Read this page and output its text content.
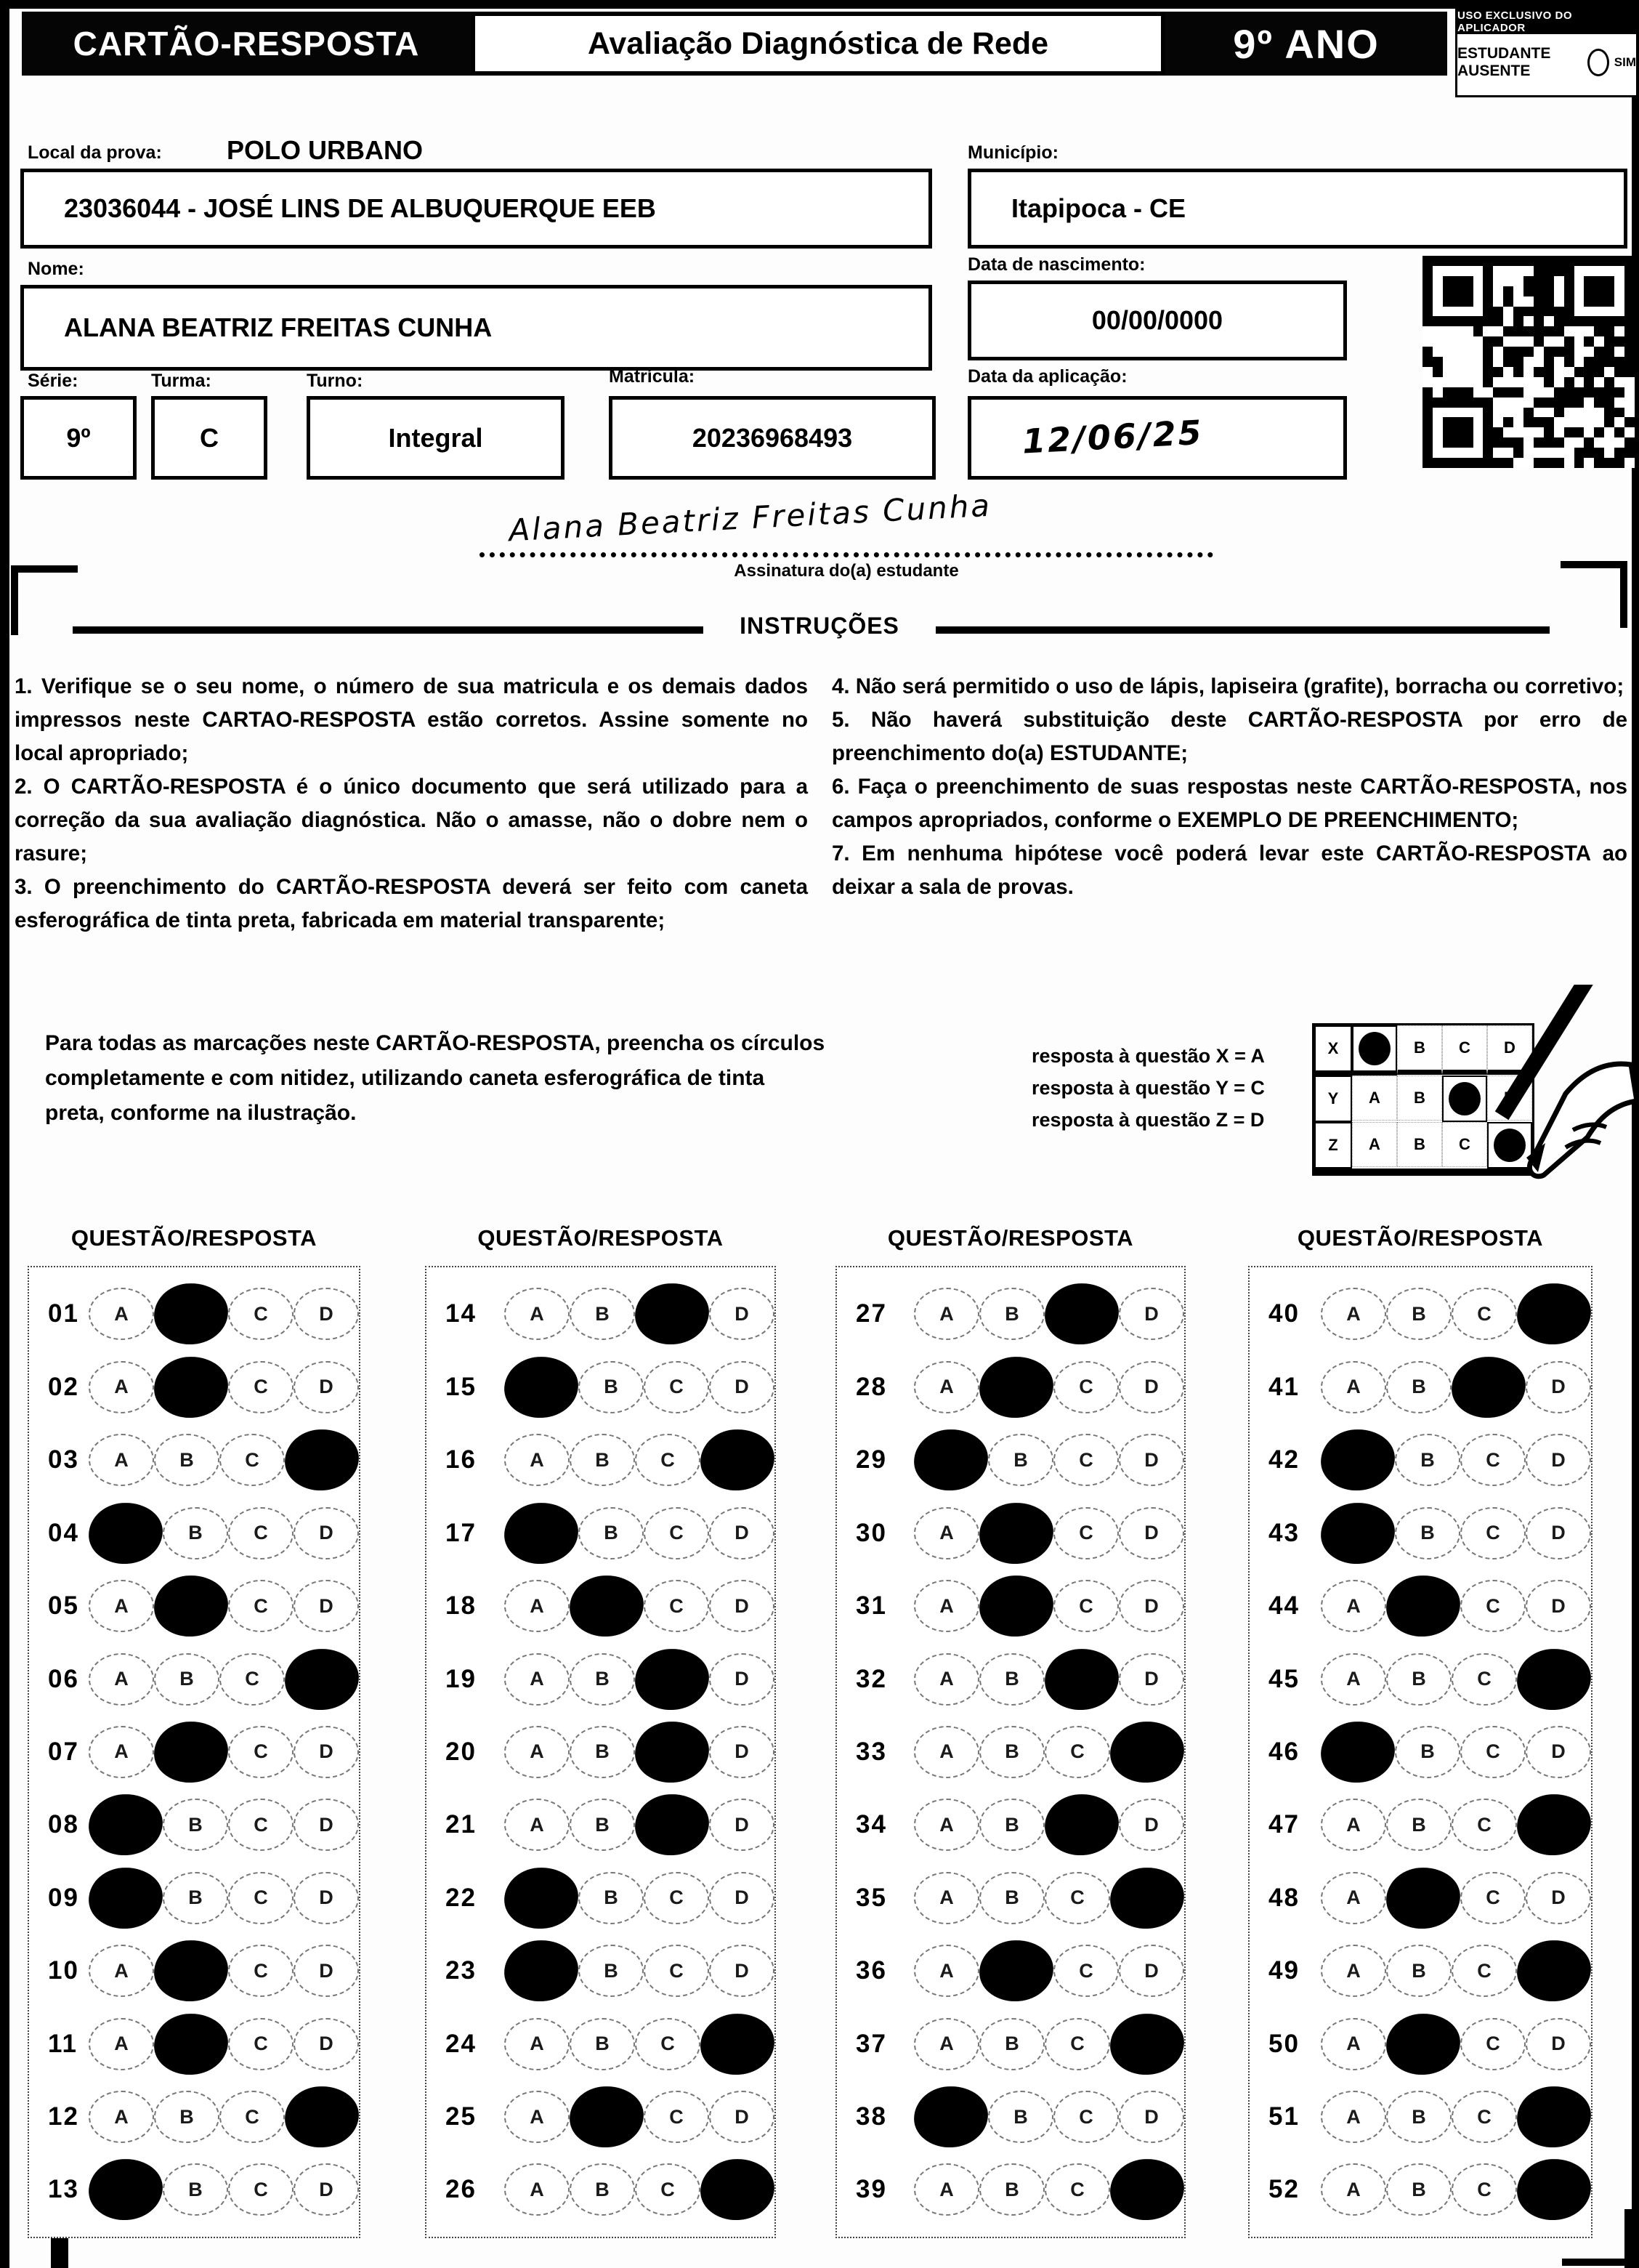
CARTÃO-RESPOSTA	Avaliação Diagnóstica de Rede	9º ANO
USO EXCLUSIVO DO APLICADOR
ESTUDANTE AUSENTE
SIM
Local da prova: POLO URBANO	Município:
23036044 - JOSÉ LINS DE ALBUQUERQUE EEB	Itapipoca - CE
Nome:	Data de nascimento:
ALANA BEATRIZ FREITAS CUNHA	00/00/0000
Série:	Turma:	Turno:	Matrícula:	Data da aplicação:
9º	C	Integral	20236968493	12/06/25
Alana Beatriz Freitas Cunha
Assinatura do(a) estudante
INSTRUÇÕES
1. Verifique se o seu nome, o número de sua matricula e os demais dados impressos neste CARTAO-RESPOSTA estão corretos. Assine somente no local apropriado;
2. O CARTÃO-RESPOSTA é o único documento que será utilizado para a correção da sua avaliação diagnóstica. Não o amasse, não o dobre nem o rasure;
3. O preenchimento do CARTÃO-RESPOSTA deverá ser feito com caneta esferográfica de tinta preta, fabricada em material transparente;
4. Não será permitido o uso de lápis, lapiseira (grafite), borracha ou corretivo;
5. Não haverá substituição deste CARTÃO-RESPOSTA por erro de preenchimento do(a) ESTUDANTE;
6. Faça o preenchimento de suas respostas neste CARTÃO-RESPOSTA, nos campos apropriados, conforme o EXEMPLO DE PREENCHIMENTO;
7. Em nenhuma hipótese você poderá levar este CARTÃO-RESPOSTA ao deixar a sala de provas.
Para todas as marcações neste CARTÃO-RESPOSTA, preencha os círculos completamente e com nitidez, utilizando caneta esferográfica de tinta preta, conforme na ilustração.
resposta à questão X = A
resposta à questão Y = C
resposta à questão Z = D
X	B	C	D
Y	A	B
Z	A	B	C
QUESTÃO/RESPOSTA	QUESTÃO/RESPOSTA	QUESTÃO/RESPOSTA	QUESTÃO/RESPOSTA
01	A	C	D
02	A	C	D
03	A	B	C
04	B	C	D
05	A	C	D
06	A	B	C
07	A	C	D
08	B	C	D
09	B	C	D
10	A	C	D
11	A	C	D
12	A	B	C
13	B	C	D
14	A	B	D
15	B	C	D
16	A	B	C
17	B	C	D
18	A	C	D
19	A	B	D
20	A	B	D
21	A	B	D
22	B	C	D
23	B	C	D
24	A	B	C
25	A	C	D
26	A	B	C
27	A	B	D
28	A	C	D
29	B	C	D
30	A	C	D
31	A	C	D
32	A	B	D
33	A	B	C
34	A	B	D
35	A	B	C
36	A	C	D
37	A	B	C
38	B	C	D
39	A	B	C
40	A	B	C
41	A	B	D
42	B	C	D
43	B	C	D
44	A	C	D
45	A	B	C
46	B	C	D
47	A	B	C
48	A	C	D
49	A	B	C
50	A	C	D
51	A	B	C
52	A	B	C
